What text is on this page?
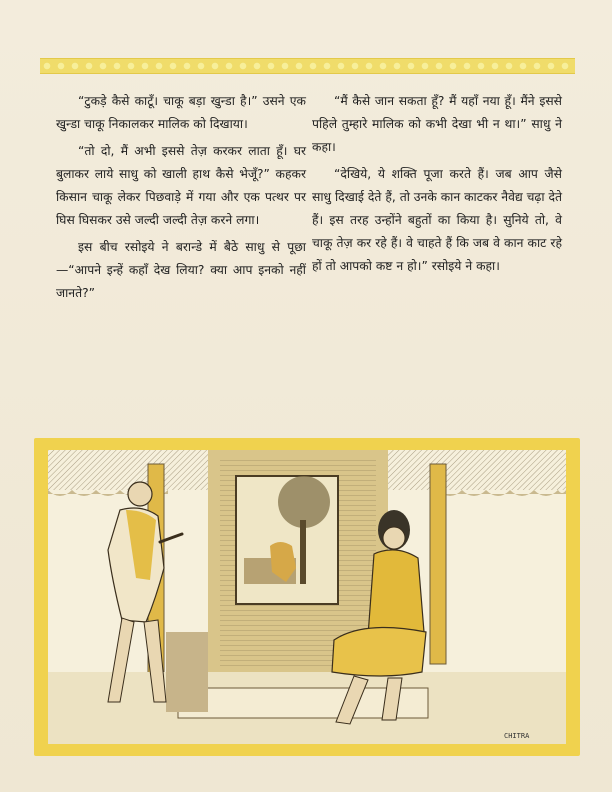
“टुकड़े कैसे काटूँ। चाकू बड़ा खुन्डा है।” उसने एक खुन्डा चाकू निकालकर मालिक को दिखाया।

“तो दो, मैं अभी इससे तेज़ करकर लाता हूँ। घर बुलाकर लाये साधु को खाली हाथ कैसे भेजूँ?” कहकर किसान चाकू लेकर पिछवाड़े में गया और एक पत्थर पर घिस घिसकर उसे जल्दी जल्दी तेज़ करने लगा।

इस बीच रसोइये ने बरान्डे में बैठे साधु से पूछा—“आपने इन्हें कहाँ देख लिया? क्या आप इनको नहीं जानते?”

“मैं कैसे जान सकता हूँ? मैं यहाँ नया हूँ। मैंने इससे पहिले तुम्हारे मालिक को कभी देखा भी न था।” साधु ने कहा।

“देखिये, ये शक्ति पूजा करते हैं। जब आप जैसे साधु दिखाई देते हैं, तो उनके कान काटकर नैवेद्य चढ़ा देते हैं। इस तरह उन्होंने बहुतों का किया है। सुनिये तो, वे चाकू तेज़ कर रहे हैं। वे चाहते हैं कि जब वे कान काट रहे हों तो आपको कष्ट न हो।” रसोइये ने कहा।

CHITRA
